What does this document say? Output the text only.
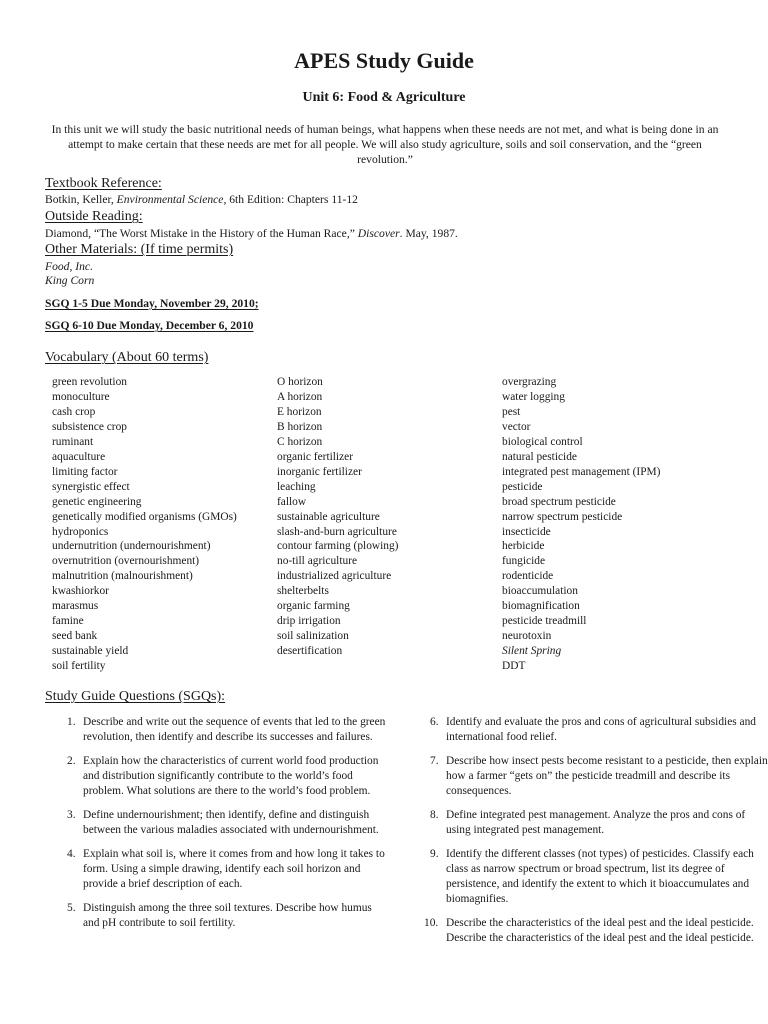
APES Study Guide
Unit 6: Food & Agriculture

In this unit we will study the basic nutritional needs of human beings, what happens when these needs are not met, and what is being done in an attempt to make certain that these needs are met for all people. We will also study agriculture, soils and soil conservation, and the “green revolution.”

Textbook Reference:
Botkin, Keller, Environmental Science, 6th Edition: Chapters 11-12
Outside Reading:
Diamond, “The Worst Mistake in the History of the Human Race,” Discover. May, 1987.
Other Materials: (If time permits)
Food, Inc.
King Corn
SGQ 1-5 Due Monday, November 29, 2010;
SGQ 6-10 Due Monday, December 6, 2010
Vocabulary (About 60 terms)
green revolution
monoculture
cash crop
subsistence crop
ruminant
aquaculture
limiting factor
synergistic effect
genetic engineering
genetically modified organisms (GMOs)
hydroponics
undernutrition (undernourishment)
overnutrition (overnourishment)
malnutrition (malnourishment)
kwashiorkor
marasmus
famine
seed bank
sustainable yield
soil fertility
O horizon
A horizon
E horizon
B horizon
C horizon
organic fertilizer
inorganic fertilizer
leaching
fallow
sustainable agriculture
slash-and-burn agriculture
contour farming (plowing)
no-till agriculture
industrialized agriculture
shelterbelts
organic farming
drip irrigation
soil salinization
desertification
overgrazing
water logging
pest
vector
biological control
natural pesticide
integrated pest management (IPM)
pesticide
broad spectrum pesticide
narrow spectrum pesticide
insecticide
herbicide
fungicide
rodenticide
bioaccumulation
biomagnification
pesticide treadmill
neurotoxin
Silent Spring
DDT
Study Guide Questions (SGQs):
1. Describe and write out the sequence of events that led to the green revolution, then identify and describe its successes and failures.
2. Explain how the characteristics of current world food production and distribution significantly contribute to the world’s food problem. What solutions are there to the world’s food problem.
3. Define undernourishment; then identify, define and distinguish between the various maladies associated with undernourishment.
4. Explain what soil is, where it comes from and how long it takes to form. Using a simple drawing, identify each soil horizon and provide a brief description of each.
5. Distinguish among the three soil textures. Describe how humus and pH contribute to soil fertility.
6. Identify and evaluate the pros and cons of agricultural subsidies and international food relief.
7. Describe how insect pests become resistant to a pesticide, then explain how a farmer “gets on” the pesticide treadmill and describe its consequences.
8. Define integrated pest management. Analyze the pros and cons of using integrated pest management.
9. Identify the different classes (not types) of pesticides. Classify each class as narrow spectrum or broad spectrum, list its degree of persistence, and identify the extent to which it bioaccumulates and biomagnifies.
10. Describe the characteristics of the ideal pest and the ideal pesticide. Describe the characteristics of the ideal pest and the ideal pesticide.
